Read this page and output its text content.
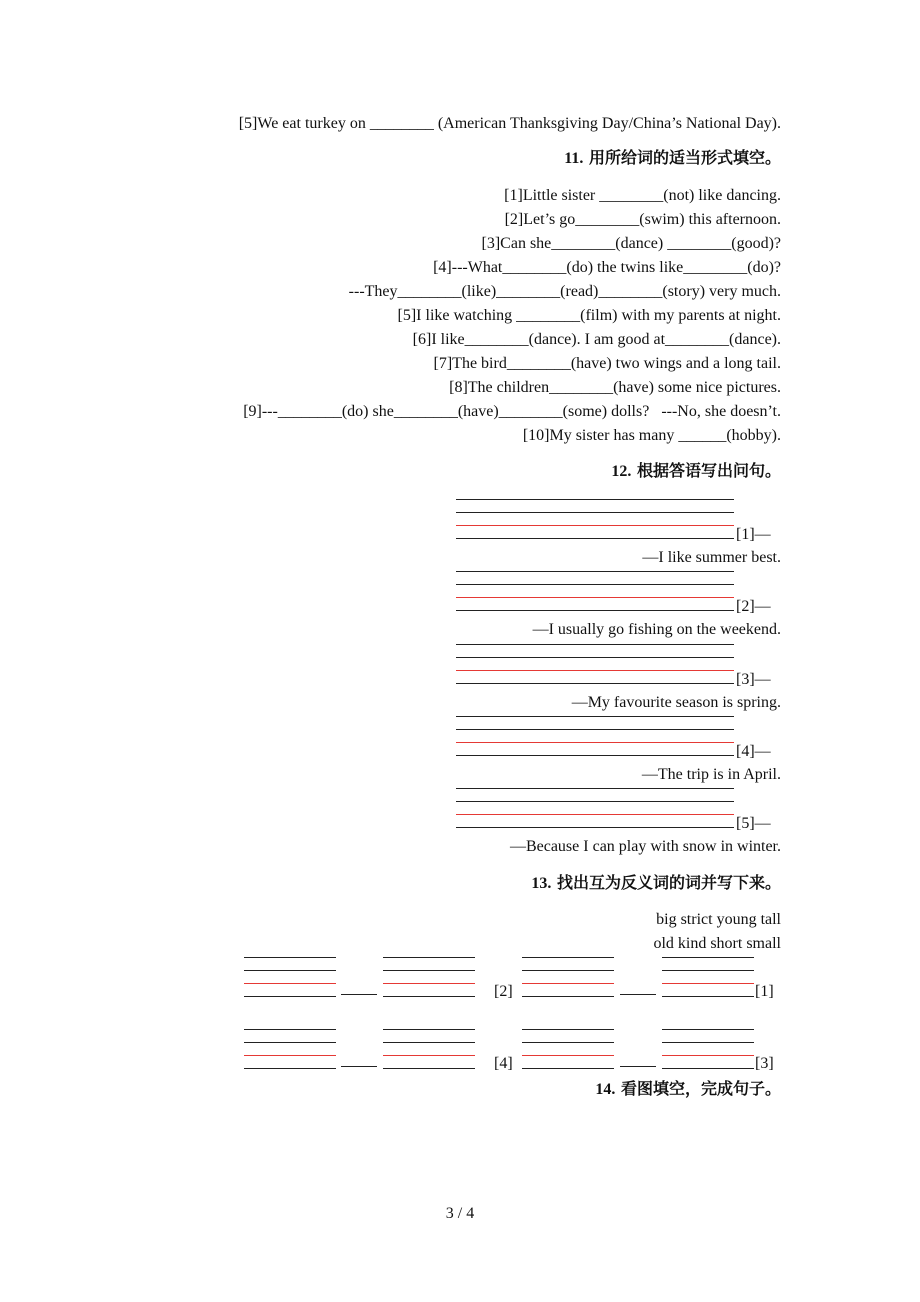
[5]We eat turkey on ________ (American Thanksgiving Day/China’s National Day).
11. 用所给词的适当形式填空。
[1]Little sister ________(not) like dancing.
[2]Let’s go________(swim) this afternoon.
[3]Can she________(dance) ________(good)?
[4]---What________(do) the twins like________(do)?
---They________(like)________(read)________(story) very much.
[5]I like watching ________(film) with my parents at night.
[6]I like________(dance). I am good at________(dance).
[7]The bird________(have) two wings and a long tail.
[8]The children________(have) some nice pictures.
[9]---________(do) she________(have)________(some) dolls?   ---No, she doesn’t.
[10]My sister has many ______(hobby).
12. 根据答语写出问句。
[1]—
—I like summer best.
[2]—
—I usually go fishing on the weekend.
[3]—
—My favourite season is spring.
[4]—
—The trip is in April.
[5]—
—Because I can play with snow in winter.
13. 找出互为反义词的词并写下来。
big strict young tall
old kind short small
[2]	[1]
[4]	[3]
14. 看图填空，完成句子。
3 / 4
